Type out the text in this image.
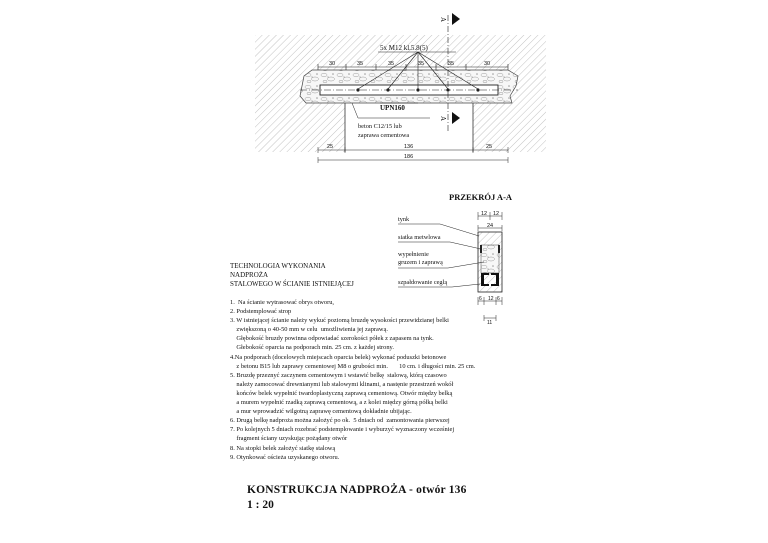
5x M12 kl.5.8(5)
30	35	35	35	35	30
A
A
UPN160
beton C12/15 lub
zaprawa cementowa
25	136	25
186
PRZEKRÓJ A-A
12 12
24
tynk
siatka metwlowa
wypełnienie gruzem i zaprawą
szpałdowanie cegłą
6 12 6
11
TECHNOLOGIA WYKONANIA NADPROŻA
STALOWEGO W ŚCIANIE ISTNIEJĄCEJ
1.  Na ścianie wytrasować obrys otworu,
2. Podstemplować strop
3. W istniejącej ścianie należy wykuć poziomą bruzdę wysokości przewidzianej belki
zwiększoną o 40-50 mm w celu  umożliwienia jej zaprawą.
Głębokość bruzdy powinna odpowiadać szerokości półek z zapasem na tynk.
Głebokość oparcia na podporach min. 25 cm. z każdej strony.
4.Na podporach (docelowych miejscach oparcia belek) wykonać poduszki betonowe
z betonu B15 lub zaprawy cementowej M8 o grubości min.       10 cm. i długości min. 25 cm.
5. Bruzdę przeznyć zaczynem cementowym i wstawić belkę  stalową, którą czasowo
należy zamocować drewnianymi lub stalowymi klinami, a nastęnie przestrzeń wokół
końców belek wypełnić twardoplastyczną zaprawą cementową. Otwór między belką
a murem wypełnić rzadką zaprawą cementową, a z kolei między górną półką belki
a mur wprowadzić wilgotną zaprawę cementową dokładnie ubijając.
6. Drugą belkę nadproża można założyć po ok.  5 dniach od  zamontowania pierwszej
7. Po kolejnych 5 dniach rozebrać podstemplowanie i wyburzyć wyznaczony wcześniej
fragment ściany uzyskując pożądany otwór
8. Na stopki belek założyć siatkę stalową
9. Otynkować ościeża uzyskanego otworu.
KONSTRUKCJA NADPROŻA - otwór 136
1 : 20
